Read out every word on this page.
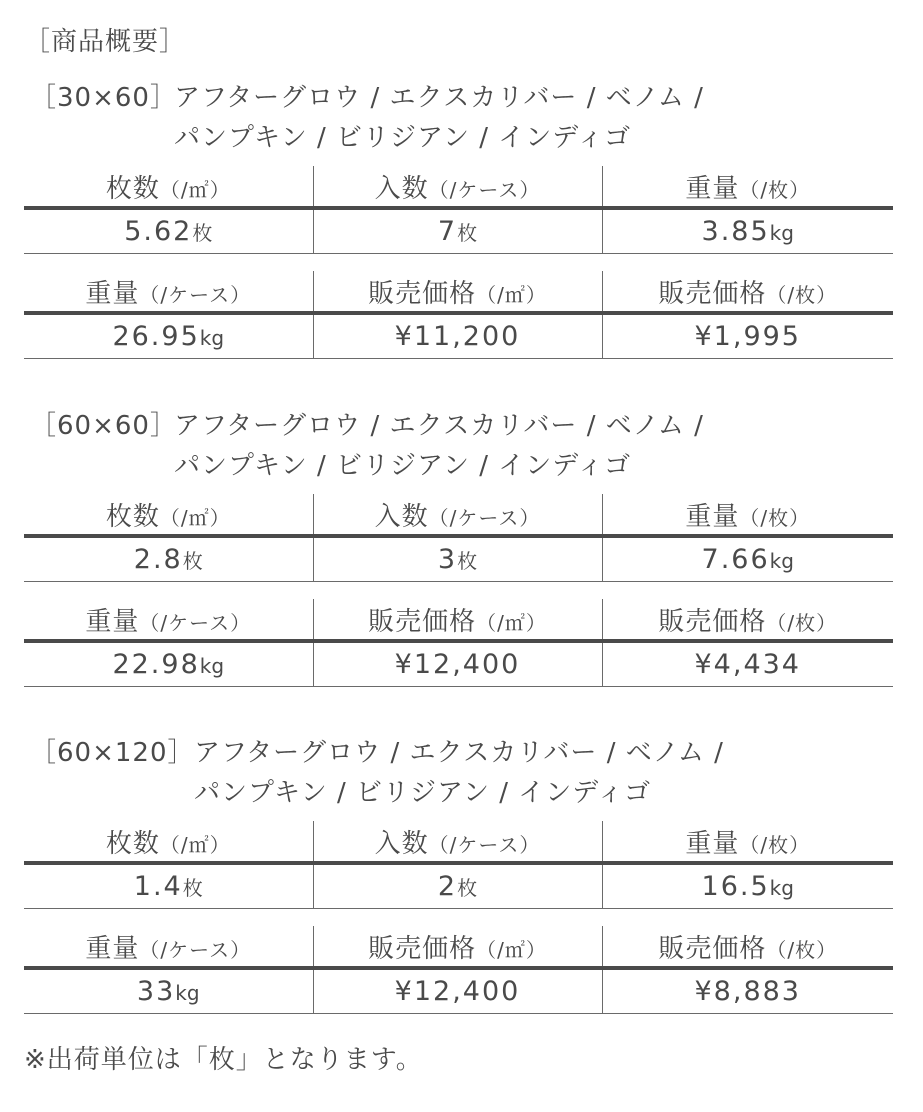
［商品概要］
［30×60］
アフターグロウ / エクスカリバー / ベノム /
パンプキン / ビリジアン / インディゴ
枚数（/㎡）	入数（/ケース）	重量（/枚）
5.62枚	7枚	3.85kg

重量（/ケース）	販売価格（/㎡）	販売価格（/枚）
26.95kg	¥11,200	¥1,995
［60×60］
アフターグロウ / エクスカリバー / ベノム /
パンプキン / ビリジアン / インディゴ
枚数（/㎡）	入数（/ケース）	重量（/枚）
2.8枚	3枚	7.66kg

重量（/ケース）	販売価格（/㎡）	販売価格（/枚）
22.98kg	¥12,400	¥4,434
［60×120］ アフターグロウ / エクスカリバー / ベノム /
パンプキン / ビリジアン / インディゴ
枚数（/㎡）	入数（/ケース）	重量（/枚）
1.4枚	2枚	16.5kg

重量（/ケース）	販売価格（/㎡）	販売価格（/枚）
33kg	¥12,400	¥8,883
※出荷単位は「枚」となります。
